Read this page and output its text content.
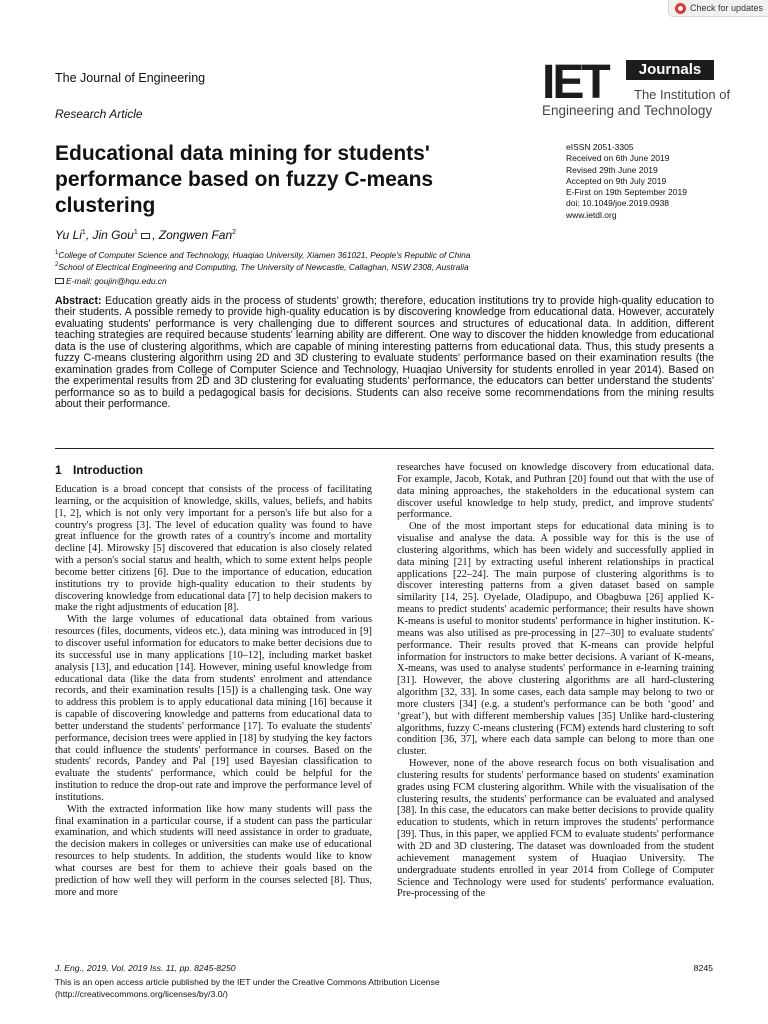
Check for updates
The Journal of Engineering
Research Article
IET	Journals
The Institution of
Engineering and Technology
Educational data mining for students' performance based on fuzzy C-means clustering
eISSN 2051-3305
Received on 6th June 2019
Revised 29th June 2019
Accepted on 9th July 2019
E-First on 19th September 2019
doi: 10.1049/joe.2019.0938
www.ietdl.org
Yu Li$^1$, Jin Gou$^1$ , Zongwen Fan$^2$
$^1$College of Computer Science and Technology, Huaqiao University, Xiamen 361021, People's Republic of China
$^2$School of Electrical Engineering and Computing, The University of Newcastle, Callaghan, NSW 2308, Australia
E-mail: goujin@hqu.edu.cn
Abstract: Education greatly aids in the process of students' growth; therefore, education institutions try to provide high-quality education to their students. A possible remedy to provide high-quality education is by discovering knowledge from educational data. However, accurately evaluating students' performance is very challenging due to different sources and structures of educational data. In addition, different teaching strategies are required because students' learning ability are different. One way to discover the hidden knowledge from educational data is the use of clustering algorithms, which are capable of mining interesting patterns from educational data. Thus, this study presents a fuzzy C-means clustering algorithm using 2D and 3D clustering to evaluate students' performance based on their examination results (the examination grades from College of Computer Science and Technology, Huaqiao University for students enrolled in year 2014). Based on the experimental results from 2D and 3D clustering for evaluating students' performance, the educators can better understand the students' performance so as to build a pedagogical basis for decisions. Students can also receive some recommendations from the mining results about their performance.
1 Introduction

Education is a broad concept that consists of the process of facilitating learning, or the acquisition of knowledge, skills, values, beliefs, and habits [1, 2], which is not only very important for a person's life but also for a country's progress [3]. The level of education quality was found to have great influence for the growth rates of a country's income and mortality decline [4]. Mirowsky [5] discovered that education is also closely related with a person's social status and health, which to some extent helps people become better citizens [6]. Due to the importance of education, education institutions try to provide high-quality education to their students by discovering knowledge from educational data [7] to help decision makers to make the right adjustments of education [8].

With the large volumes of educational data obtained from various resources (files, documents, videos etc.), data mining was introduced in [9] to discover useful information for educators to make better decisions due to its successful use in many applications [10–12], including market basket analysis [13], and education [14]. However, mining useful knowledge from educational data (like the data from students' enrolment and attendance records, and their examination results [15]) is a challenging task. One way to address this problem is to apply educational data mining [16] because it is capable of discovering knowledge and patterns from educational data to better understand the students' performance [17]. To evaluate the students' performance, decision trees were applied in [18] by studying the key factors that could influence the students' performance in courses. Based on the students' records, Pandey and Pal [19] used Bayesian classification to evaluate the students' performance, which could be helpful for the institution to reduce the drop-out rate and improve the performance level of institutions.

With the extracted information like how many students will pass the final examination in a particular course, if a student can pass the particular examination, and which students will need assistance in order to graduate, the decision makers in colleges or universities can make use of educational resources to help students. In addition, the students would like to know what courses are best for them to achieve their goals based on the prediction of how well they will perform in the courses selected [8]. Thus, more and more

researches have focused on knowledge discovery from educational data. For example, Jacob, Kotak, and Puthran [20] found out that with the use of data mining approaches, the stakeholders in the educational system can discover useful knowledge to help study, predict, and improve students' performance.

One of the most important steps for educational data mining is to visualise and analyse the data. A possible way for this is the use of clustering algorithms, which has been widely and successfully applied in data mining [21] by extracting useful inherent relationships in practical applications [22–24]. The main purpose of clustering algorithms is to discover interesting patterns from a given dataset based on sample similarity [14, 25]. Oyelade, Oladipupo, and Obagbuwa [26] applied K-means to predict students' academic performance; their results have shown K-means is useful to monitor students' performance in higher institution. K-means was also utilised as pre-processing in [27–30] to evaluate students' performance. Their results proved that K-means can provide helpful information for instructors to make better decisions. A variant of K-means, X-means, was used to analyse students' performance in e-learning training [31]. However, the above clustering algorithms are all hard-clustering algorithm [32, 33]. In some cases, each data sample may belong to two or more clusters [34] (e.g. a student's performance can be both ‘good’ and ‘great’), but with different membership values [35] Unlike hard-clustering algorithms, fuzzy C-means clustering (FCM) extends hard clustering to soft condition [36, 37], where each data sample can belong to more than one cluster.

However, none of the above research focus on both visualisation and clustering results for students' performance based on students' examination grades using FCM clustering algorithm. While with the visualisation of the clustering results, the students' performance can be evaluated and analysed [38]. In this case, the educators can make better decisions to provide quality education to students, which in return improves the students' performance [39]. Thus, in this paper, we applied FCM to evaluate students' performance with 2D and 3D clustering. The dataset was downloaded from the student achievement management system of Huaqiao University. The undergraduate students enrolled in year 2014 from College of Computer Science and Technology were used for students' performance evaluation. Pre-processing of the

J. Eng., 2019, Vol. 2019 Iss. 11, pp. 8245-8250	8245
This is an open access article published by the IET under the Creative Commons Attribution License
(http://creativecommons.org/licenses/by/3.0/)
